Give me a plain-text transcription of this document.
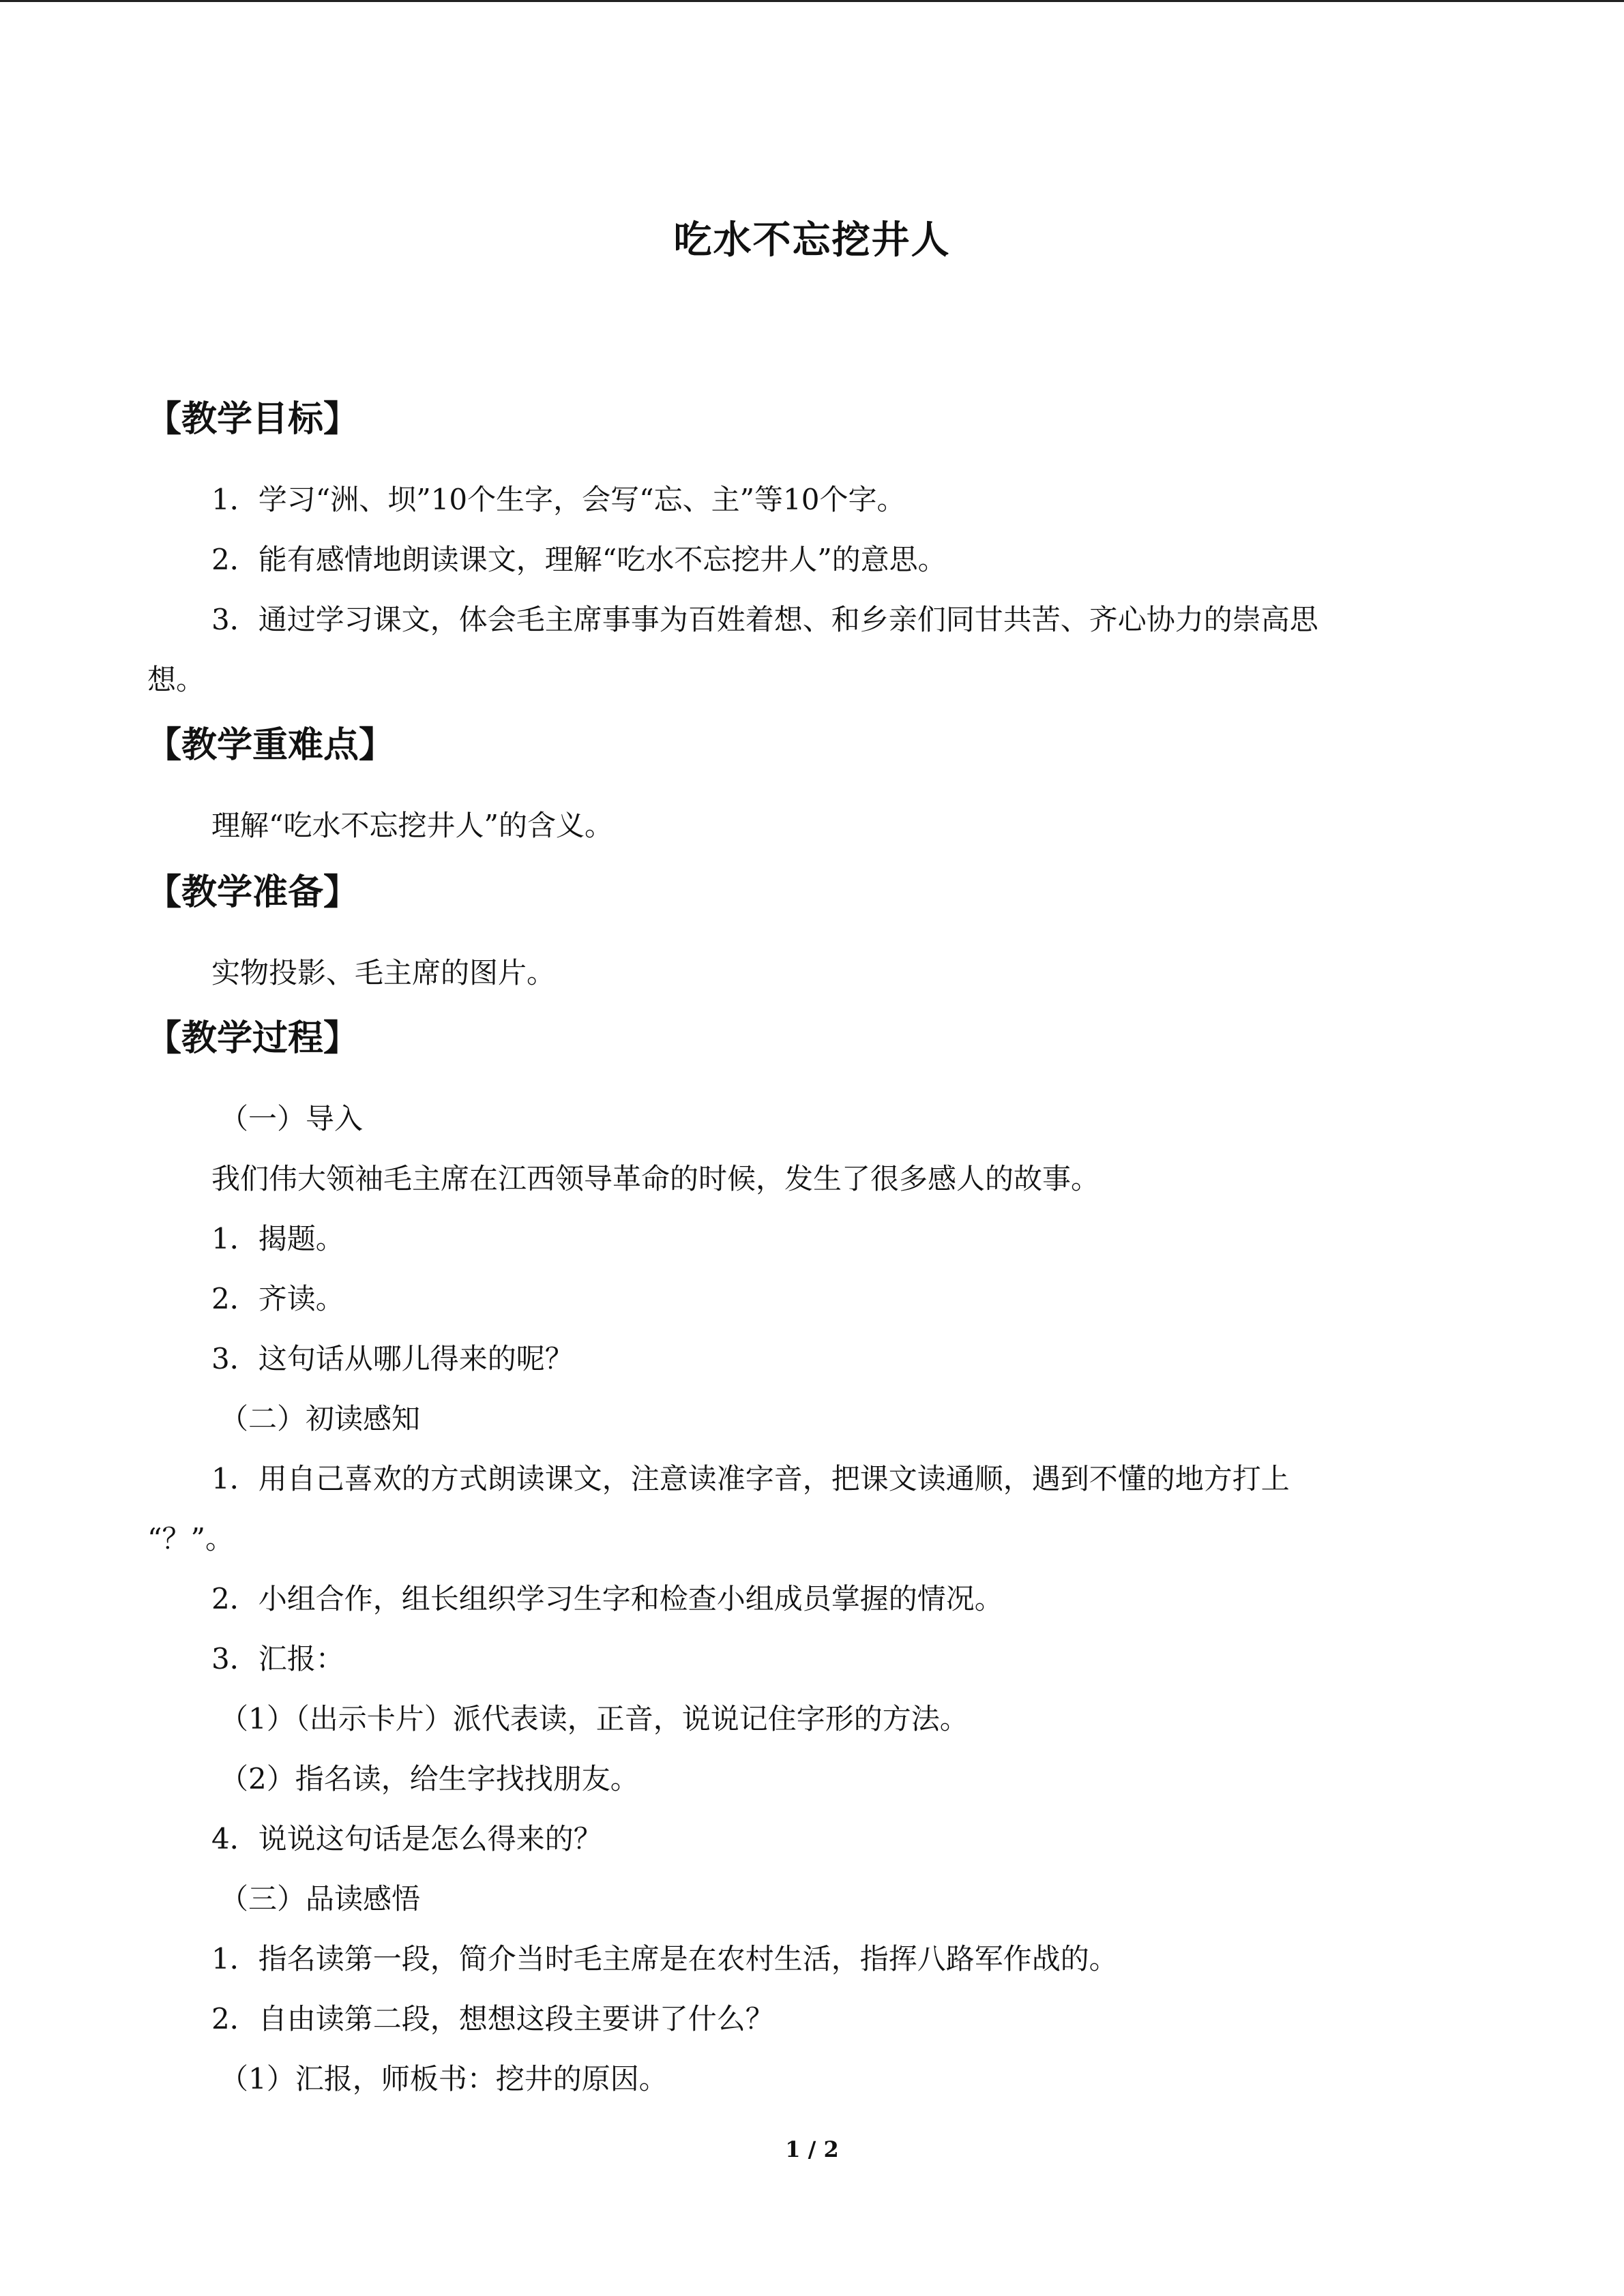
吃水不忘挖井人
【教学目标】
1．学习“洲、坝”10个生字，会写“忘、主”等10个字。
2．能有感情地朗读课文，理解“吃水不忘挖井人”的意思。
3．通过学习课文，体会毛主席事事为百姓着想、和乡亲们同甘共苦、齐心协力的崇高思
想。
【教学重难点】
理解“吃水不忘挖井人”的含义。
【教学准备】
实物投影、毛主席的图片。
【教学过程】
（一）导入
我们伟大领袖毛主席在江西领导革命的时候，发生了很多感人的故事。
1．揭题。
2．齐读。
3．这句话从哪儿得来的呢？
（二）初读感知
1．用自己喜欢的方式朗读课文，注意读准字音，把课文读通顺，遇到不懂的地方打上
“？”。
2．小组合作，组长组织学习生字和检查小组成员掌握的情况。
3．汇报：
（1）（出示卡片）派代表读，正音，说说记住字形的方法。
（2）指名读，给生字找找朋友。
4．说说这句话是怎么得来的？
（三）品读感悟
1．指名读第一段，简介当时毛主席是在农村生活，指挥八路军作战的。
2．自由读第二段，想想这段主要讲了什么？
（1）汇报，师板书：挖井的原因。
1 / 2
